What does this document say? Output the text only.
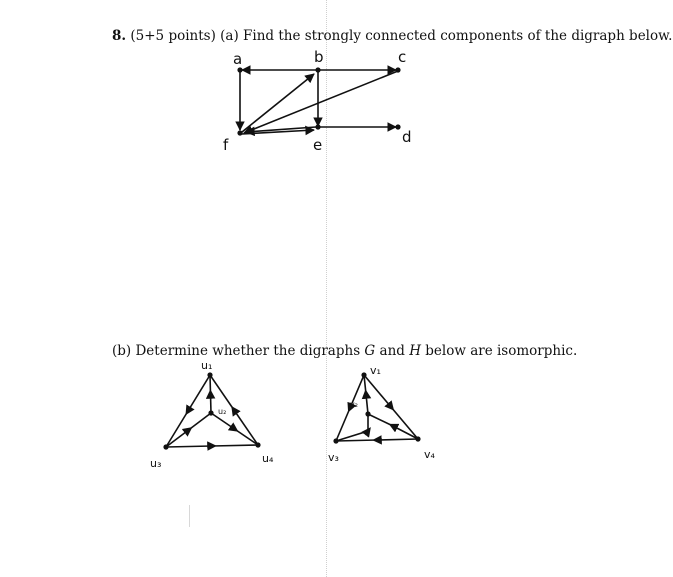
8. (5+5 points) (a) Find the strongly connected components of the digraph below.
(b) Determine whether the digraphs G and H below are isomorphic.
a	b	c
d
e
f
u₁
u₂
u₃	u₄
v₁
v₂
v₃	v₄
